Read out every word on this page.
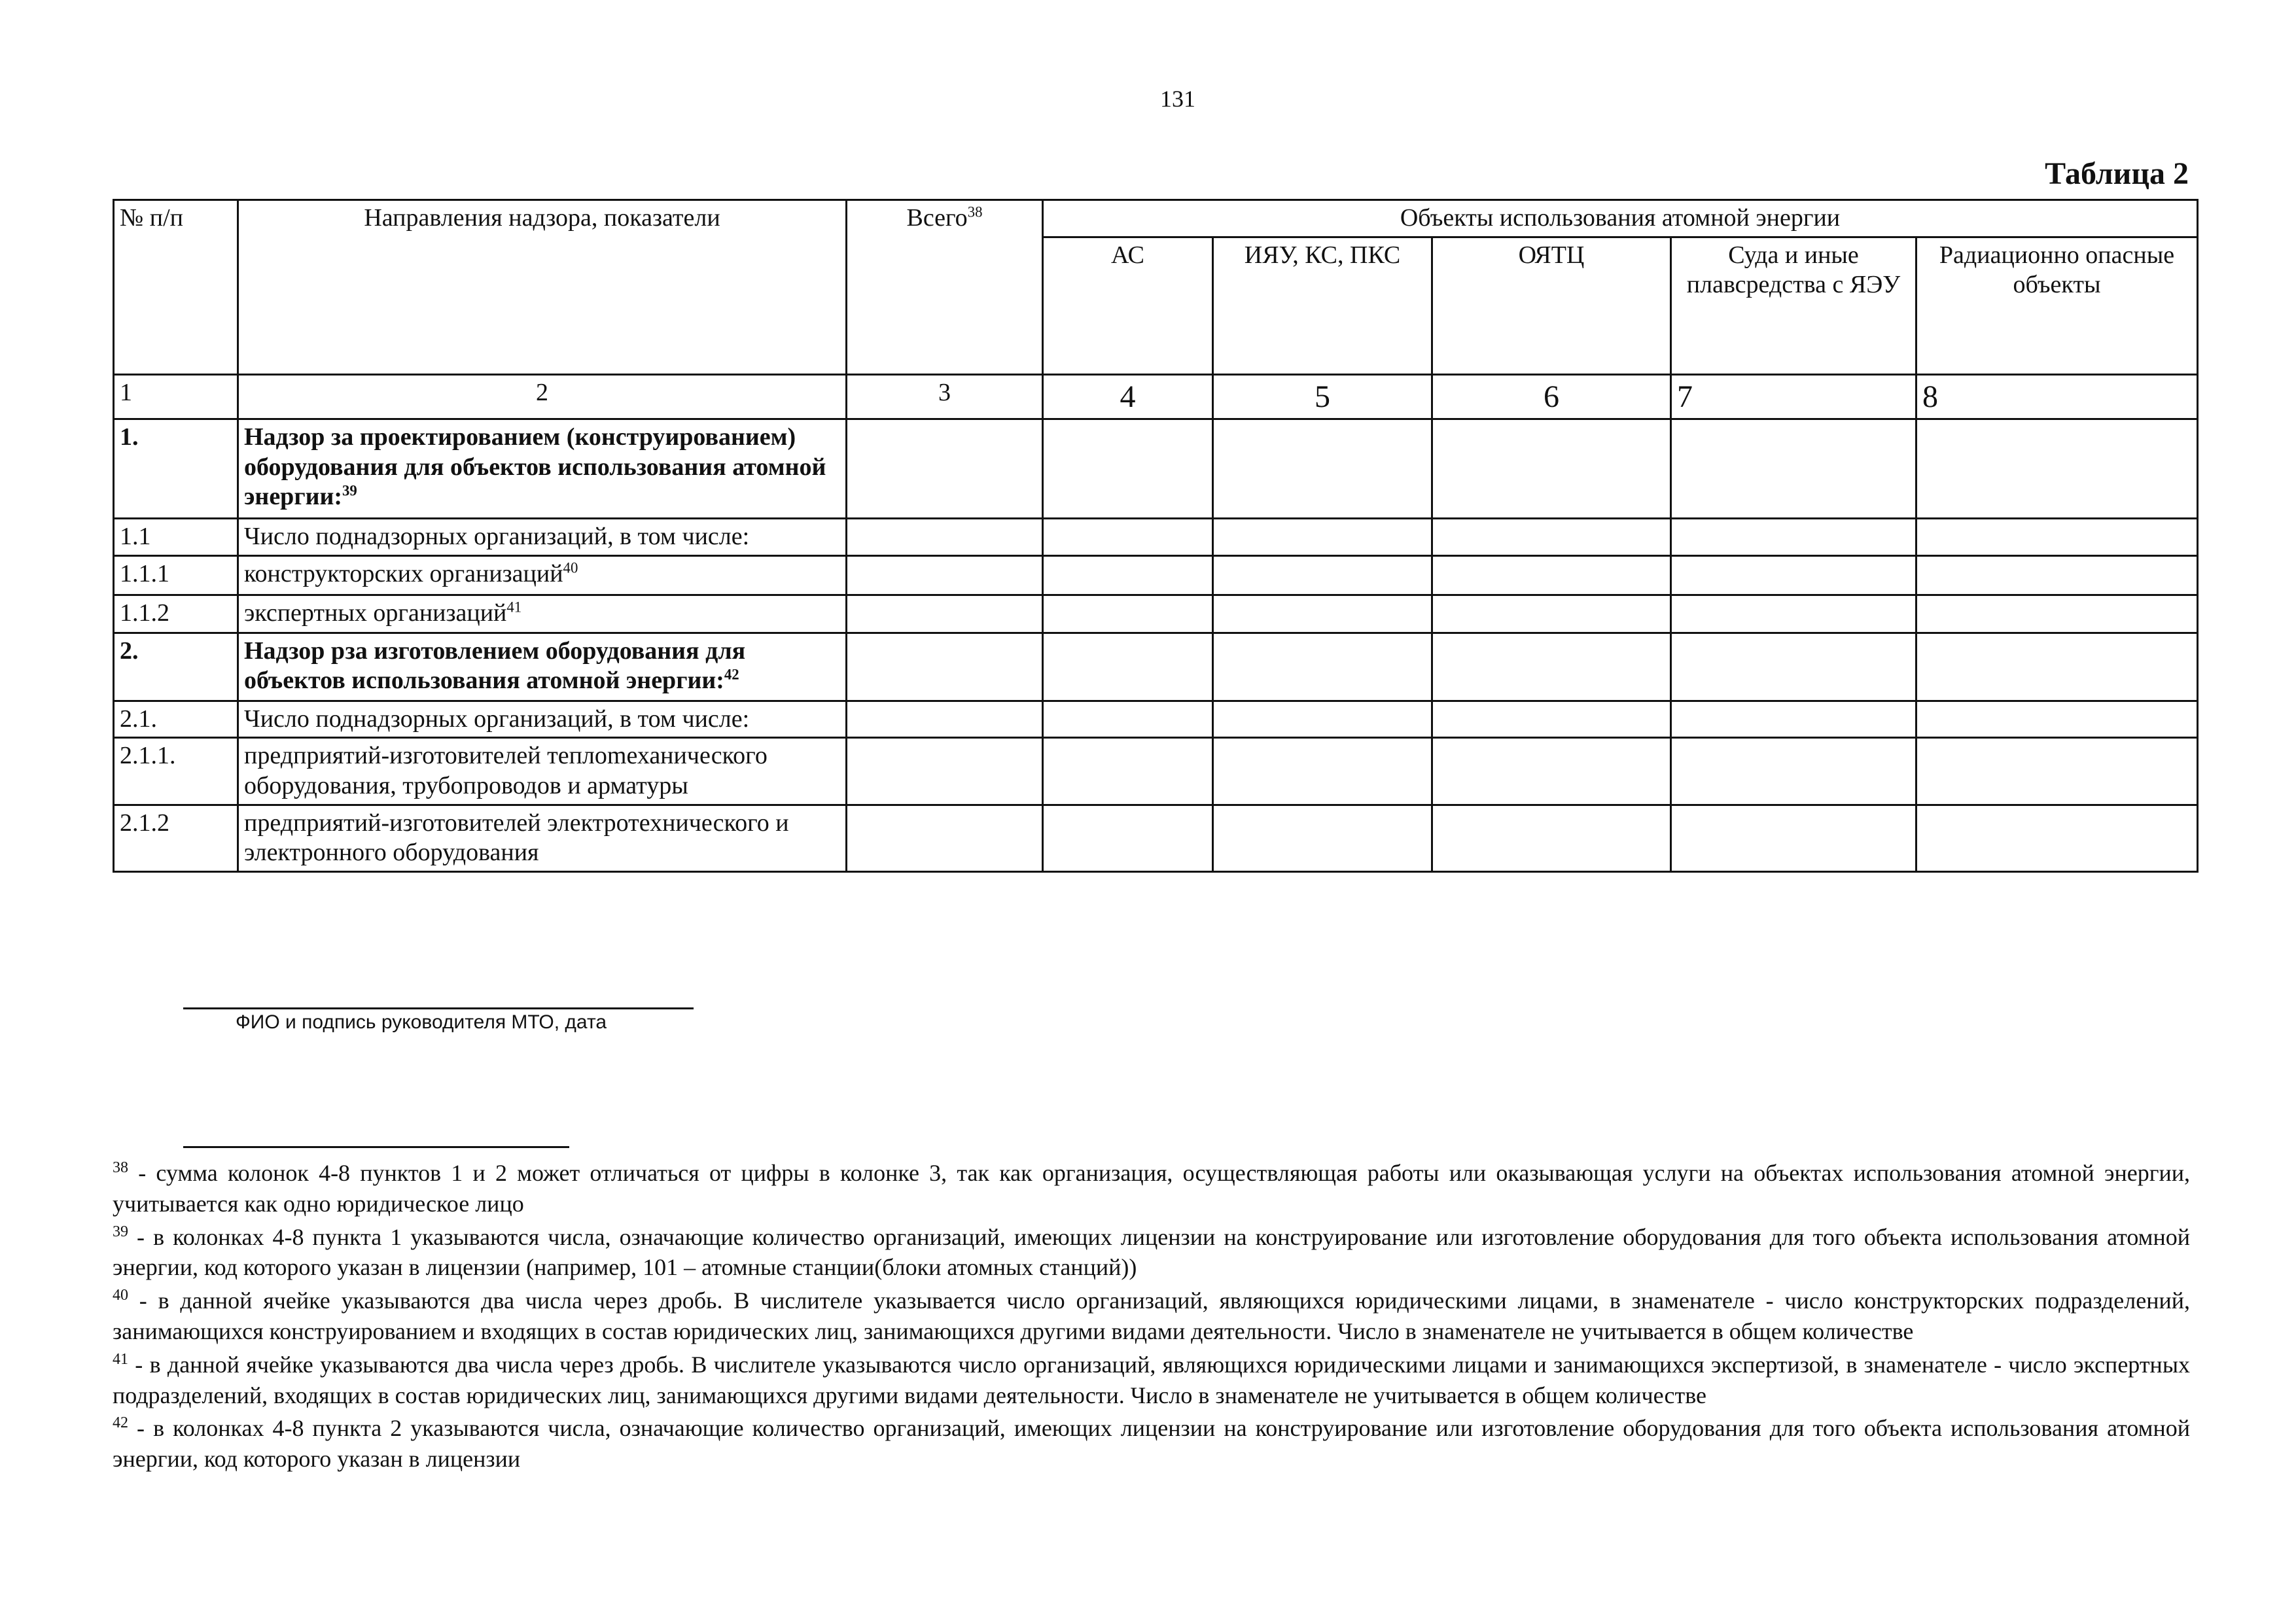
131
Таблица 2
№ п/п	Направления надзора, показатели	Всего$^{38}$	Объекты использования атомной энергии				
			АС	ИЯУ, КС, ПКС	ОЯТЦ	Суда и иные плавсредства с ЯЭУ	Радиационно опасные объекты
1	2	3	4	5	6	7	8
1.	Надзор за проектированием (конструированием) оборудования для объектов использования атомной энергии:$^{39}$						
1.1	Число поднадзорных организаций, в том числе:						
1.1.1	конструкторских организаций$^{40}$						
1.1.2	экспертных организаций$^{41}$						
2.	Надзор рза изготовлением оборудования для объектов использования атомной энергии:$^{42}$						
2.1.	Число поднадзорных организаций, в том числе:						
2.1.1.	предприятий-изготовителей теплomеханического оборудования, трубопроводов и арматуры						
2.1.2	предприятий-изготовителей электротехнического и электронного оборудования						
ФИО и подпись руководителя МТО, дата

$^{38}$ - сумма колонок 4-8 пунктов 1 и 2 может отличаться от цифры в колонке 3, так как организация, осуществляющая работы или оказывающая услуги на объектах использования атомной энергии, учитывается как одно юридическое лицо

$^{39}$ - в колонках 4-8 пункта 1 указываются числа, означающие количество организаций, имеющих лицензии на конструирование или изготовление оборудования для того объекта использования атомной энергии, код которого указан в лицензии (например, 101 – атомные станции(блоки атомных станций))

$^{40}$ - в данной ячейке указываются два числа через дробь. В числителе указывается число организаций, являющихся юридическими лицами, в знаменателе - число конструкторских подразделений, занимающихся конструированием и входящих в состав юридических лиц, занимающихся другими видами деятельности. Число в знаменателе не учитывается в общем количестве

$^{41}$ - в данной ячейке указываются два числа через дробь. В числителе указываются число организаций, являющихся юридическими лицами и занимающихся экспертизой, в знаменателе - число экспертных подразделений, входящих в состав юридических лиц, занимающихся другими видами деятельности. Число в знаменателе не учитывается в общем количестве

$^{42}$ - в колонках 4-8 пункта 2 указываются числа, означающие количество организаций, имеющих лицензии на конструирование или изготовление оборудования для того объекта использования атомной энергии, код которого указан в лицензии
